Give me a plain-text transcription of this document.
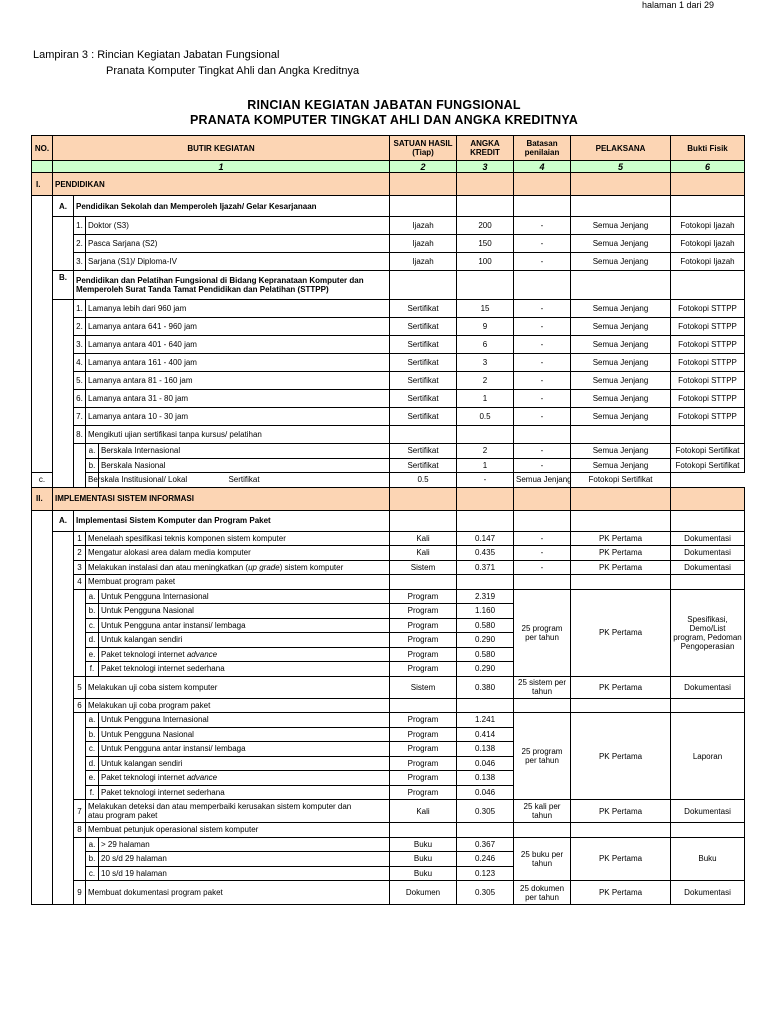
halaman 1 dari 29
Lampiran 3 : Rincian Kegiatan Jabatan Fungsional
Pranata Komputer Tingkat Ahli dan Angka Kreditnya
RINCIAN KEGIATAN JABATAN FUNGSIONAL
PRANATA KOMPUTER TINGKAT AHLI DAN ANGKA KREDITNYA
NO.	BUTIR KEGIATAN				SATUAN HASIL (Tiap)	ANGKA KREDIT	Batasan penilaian	PELAKSANA	Bukti Fisik
	1				2	3	4	5	6
I.	PENDIDIKAN								
	A.	Pendidikan Sekolah dan Memperoleh Ijazah/ Gelar Kesarjanaan							
		1.	Doktor (S3)		Ijazah	200	-	Semua Jenjang	Fotokopi Ijazah
		2.	Pasca Sarjana (S2)		Ijazah	150	-	Semua Jenjang	Fotokopi Ijazah
		3.	Sarjana (S1)/ Diploma-IV		Ijazah	100	-	Semua Jenjang	Fotokopi Ijazah
	B.	Pendidikan dan Pelatihan Fungsional di Bidang Kepranataan Komputer dan
Memperoleh Surat Tanda Tamat Pendidikan dan Pelatihan (STTPP)							

		1.	Lamanya lebih dari 960 jam		Sertifikat	15	-	Semua Jenjang	Fotokopi STTPP
		2.	Lamanya antara 641 - 960 jam		Sertifikat	9	-	Semua Jenjang	Fotokopi STTPP
		3.	Lamanya antara 401 - 640 jam		Sertifikat	6	-	Semua Jenjang	Fotokopi STTPP
		4.	Lamanya antara 161 - 400 jam		Sertifikat	3	-	Semua Jenjang	Fotokopi STTPP
		5.	Lamanya antara 81 - 160 jam		Sertifikat	2	-	Semua Jenjang	Fotokopi STTPP
		6.	Lamanya antara 31 - 80 jam		Sertifikat	1	-	Semua Jenjang	Fotokopi STTPP
		7.	Lamanya antara 10 - 30 jam		Sertifikat	0.5	-	Semua Jenjang	Fotokopi STTPP
		8.	Mengikuti ujian sertifikasi tanpa kursus/ pelatihan						
			a.	Berskala Internasional	Sertifikat	2	-	Semua Jenjang	Fotokopi Sertifikat
			b.	Berskala Nasional	Sertifikat	1	-	Semua Jenjang	Fotokopi Sertifikat
c.			Berskala Institusional/ Lokal	Sertifikat	0.5	-	Semua Jenjang	Fotokopi Sertifikat	
II.	IMPLEMENTASI SISTEM INFORMASI								
	A.	Implementasi Sistem Komputer dan Program Paket							
		1	Menelaah spesifikasi teknis komponen sistem komputer		Kali	0.147	-	PK Pertama	Dokumentasi
		2	Mengatur alokasi area dalam media komputer		Kali	0.435	-	PK Pertama	Dokumentasi
		3	Melakukan instalasi dan atau meningkatkan (up grade) sistem komputer		Sistem	0.371	-	PK Pertama	Dokumentasi
		4	Membuat program paket						
			a.	Untuk Pengguna Internasional	Program	2.319	25 program per tahun	PK Pertama	Spesifikasi, Demo/List program, Pedoman Pengoperasian
			b.	Untuk Pengguna Nasional	Program	1.160			
			c.	Untuk Pengguna antar instansi/ lembaga	Program	0.580			
			d.	Untuk kalangan sendiri	Program	0.290			
			e.	Paket teknologi internet advance	Program	0.580			
			f.	Paket teknologi internet sederhana	Program	0.290			
		5	Melakukan uji coba sistem komputer		Sistem	0.380	25 sistem per tahun	PK Pertama	Dokumentasi
		6	Melakukan uji coba program paket						
			a.	Untuk Pengguna Internasional	Program	1.241	25 program per tahun	PK Pertama	Laporan
			b.	Untuk Pengguna Nasional	Program	0.414			
			c.	Untuk Pengguna antar instansi/ lembaga	Program	0.138			
			d.	Untuk kalangan sendiri	Program	0.046			
			e.	Paket teknologi internet advance	Program	0.138			
			f.	Paket teknologi internet sederhana	Program	0.046			
		7	Melakukan deteksi dan atau memperbaiki kerusakan sistem komputer dan
atau program paket		Kali	0.305	25 kali per tahun	PK Pertama	Dokumentasi
		8	Membuat petunjuk operasional sistem komputer						
			a.	> 29 halaman	Buku	0.367	25 buku per tahun	PK Pertama	Buku
			b.	20 s/d 29 halaman	Buku	0.246			
			c.	10 s/d 19 halaman	Buku	0.123			
		9	Membuat dokumentasi program paket		Dokumen	0.305	25 dokumen per tahun	PK Pertama	Dokumentasi
